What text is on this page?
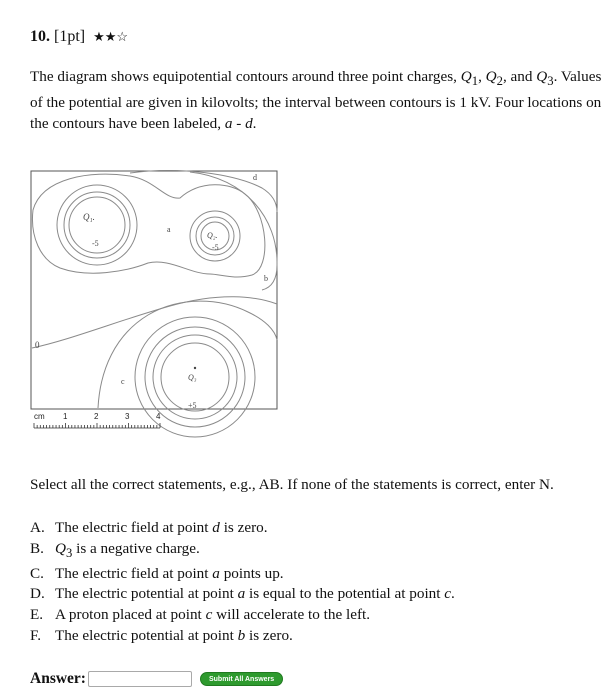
10. [1pt] ★★☆
The diagram shows equipotential contours around three point charges, $Q_1$, $Q_2$, and $Q_3$. Values of the potential are given in kilovolts; the interval between contours is 1 kV. Four locations on the contours have been labeled, a - d.
Q₁.
-5
Q₂.
-5
Q₃
+5
0
a
b
c
d
cm 1	2	3	4
Select all the correct statements, e.g., AB. If none of the statements is correct, enter N.
A. The electric field at point d is zero.
B. $Q_3$ is a negative charge.
C. The electric field at point a points up.
D. The electric potential at point a is equal to the potential at point c.
E. A proton placed at point c will accelerate to the left.
F. The electric potential at point b is zero.
Answer:	Submit All Answers
